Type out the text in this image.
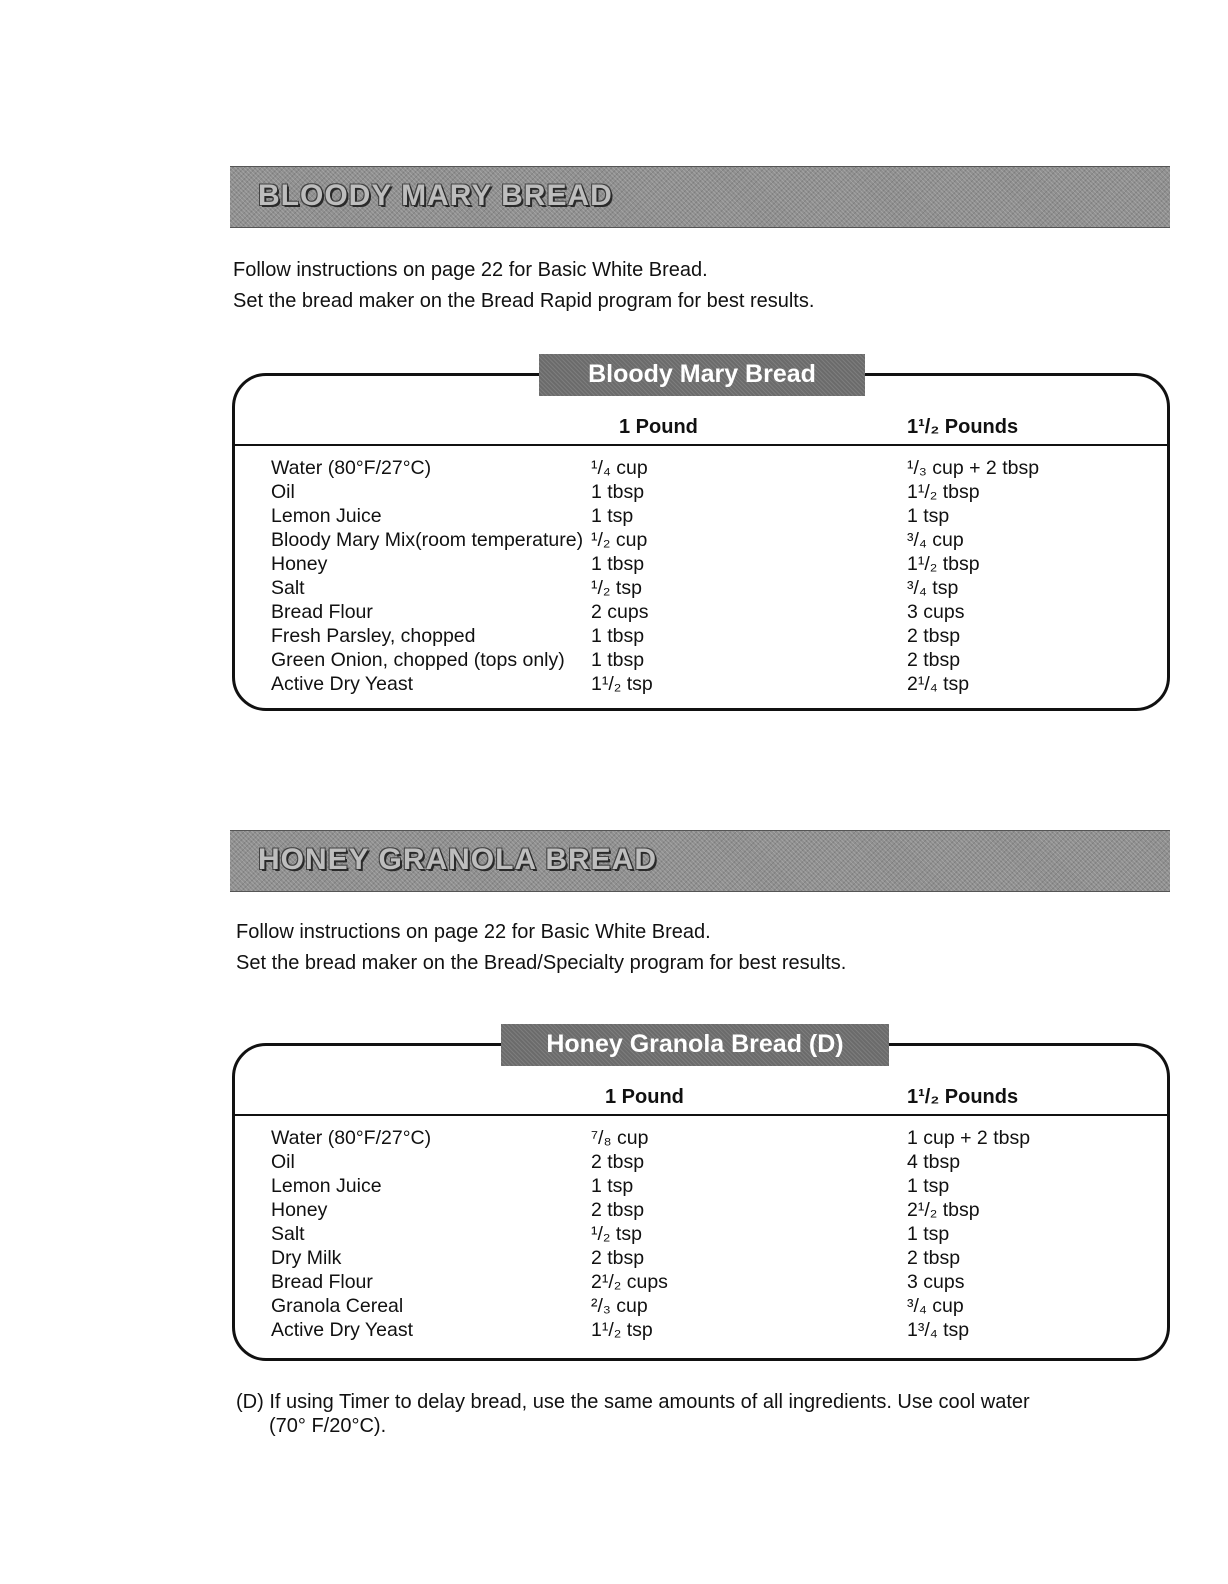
BLOODY MARY BREAD
Follow instructions on page 22 for Basic White Bread.
Set the bread maker on the Bread Rapid program for best results.
Bloody Mary Bread
1 Pound	1¹/₂ Pounds
Water (80°F/27°C)	¹/₄ cup	¹/₃ cup + 2 tbsp
Oil	1 tbsp	1¹/₂ tbsp
Lemon Juice	1 tsp	1 tsp
Bloody Mary Mix(room temperature) ¹/₂ cup	³/₄ cup
Honey	1 tbsp	1¹/₂ tbsp
Salt	¹/₂ tsp	³/₄ tsp
Bread Flour	2 cups	3 cups
Fresh Parsley, chopped	1 tbsp	2 tbsp
Green Onion, chopped (tops only) 1 tbsp	2 tbsp
Active Dry Yeast	1¹/₂ tsp	2¹/₄ tsp
HONEY GRANOLA BREAD
Follow instructions on page 22 for Basic White Bread.
Set the bread maker on the Bread/Specialty program for best results.
Honey Granola Bread (D)
1 Pound	1¹/₂ Pounds
Water (80°F/27°C)	⁷/₈ cup	1 cup + 2 tbsp
Oil	2 tbsp	4 tbsp
Lemon Juice	1 tsp	1 tsp
Honey	2 tbsp	2¹/₂ tbsp
Salt	¹/₂ tsp	1 tsp
Dry Milk	2 tbsp	2 tbsp
Bread Flour	2¹/₂ cups	3 cups
Granola Cereal	²/₃ cup	³/₄ cup
Active Dry Yeast	1¹/₂ tsp	1³/₄ tsp
(D) If using Timer to delay bread, use the same amounts of all ingredients. Use cool water
(70° F/20°C).
